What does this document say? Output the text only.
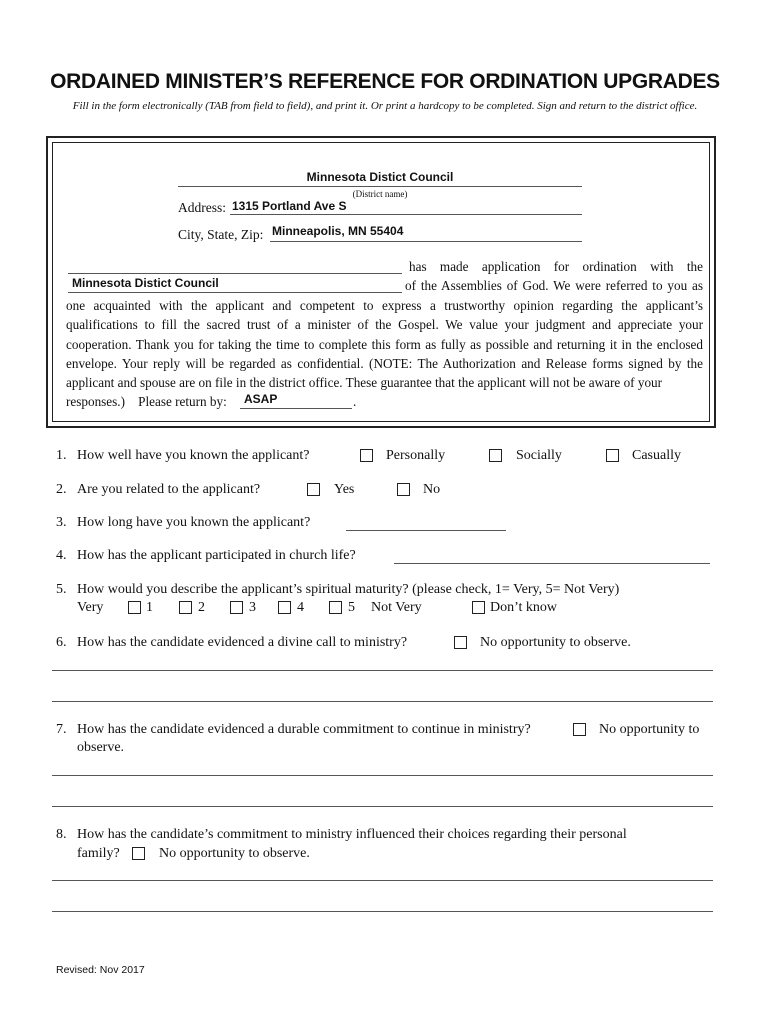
ORDAINED MINISTER’S REFERENCE FOR ORDINATION UPGRADES
Fill in the form electronically (TAB from field to field), and print it. Or print a hardcopy to be completed. Sign and return to the district office.
Minnesota Distict Council
(District name)
Address: 1315 Portland Ave S
City, State, Zip: Minneapolis, MN 55404
has made application for ordination with the
Minnesota Distict Council	of the Assemblies of God. We were referred to you as
one acquainted with the applicant and competent to express a trustworthy opinion regarding the applicant’s qualifications to fill the sacred trust of a minister of the Gospel. We value your judgment and appreciate your cooperation. Thank you for taking the time to complete this form as fully as possible and returning it in the enclosed envelope. Your reply will be regarded as confidential. (NOTE: The Authorization and Release forms signed by the applicant and spouse are on file in the district office. These guarantee that the applicant will not be aware of your
responses.)    Please return by: ASAP	.
1. How well have you known the applicant?	Personally	Socially	Casually
2. Are you related to the applicant?	Yes	No
3. How long have you known the applicant?
4. How has the applicant participated in church life?
5. How would you describe the applicant’s spiritual maturity? (please check, 1= Very, 5= Not Very)
Very	1	2	3	4	5 Not Very	Don’t know
6. How has the candidate evidenced a divine call to ministry?	No opportunity to observe.
7. How has the candidate evidenced a durable commitment to continue in ministry?	No opportunity to
observe.
8. How has the candidate’s commitment to ministry influenced their choices regarding their personal
family?	No opportunity to observe.
Revised: Nov 2017
